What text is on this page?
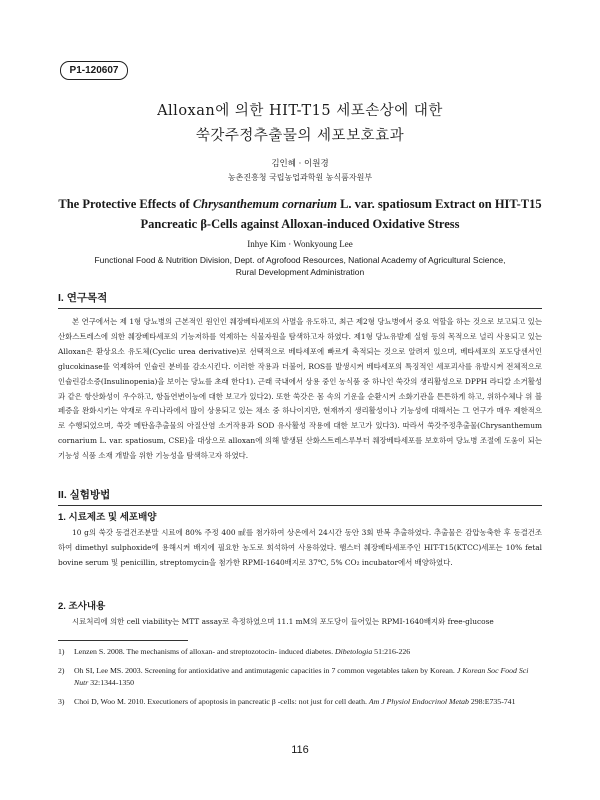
P1-120607
Alloxan에 의한 HIT-T15 세포손상에 대한
쑥갓주정추출물의 세포보호효과
김인혜 · 이원경
농촌진흥청 국립농업과학원 농식품자원부
The Protective Effects of Chrysanthemum cornarium L. var. spatiosum Extract on HIT-T15
Pancreatic β-Cells against Alloxan-induced Oxidative Stress
Inhye Kim · Wonkyoung Lee
Functional Food & Nutrition Division, Dept. of Agrofood Resources, National Academy of Agricultural Science,
Rural Development Administration
I. 연구목적

본 연구에서는 제 1형 당뇨병의 근본적인 원인인 췌장베타세포의 사멸을 유도하고, 최근 제2형 당뇨병에서 중요 역할을 하는 것으로 보고되고 있는 산화스트레스에 의한 췌장베타세포의 기능저하를 억제하는 식물자원을 탐색하고자 하였다. 제1형 당뇨유발제 실험 등의 목적으로 널리 사용되고 있는 Alloxan은 환상요소 유도체(Cyclic urea derivative)로 선택적으로 베타세포에 빠르게 축적되는 것으로 알려져 있으며, 베타세포의 포도당센서인 glucokinase를 억제하여 인슐린 분비를 감소시킨다. 이러한 작용과 더불어, ROS를 발생시켜 베타세포의 특징적인 세포괴사를 유발시켜 전체적으로 인슐린감소증(Insulinopenia)을 보이는 당뇨를 초래 한다1). 근래 국내에서 상용 중인 농식품 중 하나인 쑥갓의 생리활성으로 DPPH 라디칼 소거활성과 같은 항산화성이 우수하고, 항돌연변이능에 대한 보고가 있다2). 또한 쑥갓은 몸 속의 기운을 순환시켜 소화기관을 튼튼하게 하고, 위하수체나 위 블페증을 완화시키는 약재로 우리나라에서 많이 상용되고 있는 채소 중 하나이지만, 현재까지 생리활성이나 기능성에 대해서는 그 연구가 매우 제한적으로 수행되었으며, 쑥갓 메탄올추출물의 아질산염 소거작용과 SOD 유사활성 작용에 대한 보고가 있다3). 따라서 쑥갓주정추출물(Chrysanthemum cornarium L. var. spatiosum, CSE)을 대상으로 alloxan에 의해 발생된 산화스트레스루부터 췌장베타세포를 보호하여 당뇨병 조절에 도움이 되는 기능성 식품 소재 개발을 위한 기능성을 탐색하고자 하였다.

II. 실험방법
1. 시료제조 및 세포배양

10 g의 쑥갓 동결건조분말 시료에 80% 주정 400 ㎖를 첨가하여 상온에서 24시간 동안 3회 반복 추출하였다. 추출물은 감압농축한 후 동결건조하여 dimethyl sulphoxide에 용해시켜 배지에 필요한 농도로 희석하여 사용하였다. 햄스터 췌장베타세포주인 HIT-T15(KTCC)세포는 10% fetal bovine serum 및 penicillin, streptomycin을 첨가한 RPMI-1640배지로 37℃, 5% CO₂ incubator에서 배양하였다.

2. 조사내용

시료처리에 의한 cell viability는 MTT assay로 측정하였으며 11.1 mM의 포도당이 들어있는 RPMI-1640배지와 free-glucose

1) Lenzen S. 2008. The mechanisms of alloxan- and streptozotocin- induced diabetes. Dibetologia 51:216-226
2) Oh SI, Lee MS. 2003. Screening for antioxidative and antimutagenic capacities in 7 common vegetables taken by Korean. J Korean Soc Food Sci Nutr 32:1344-1350
3) Choi D, Woo M. 2010. Executioners of apoptosis in pancreatic β -cells: not just for cell death. Am J Physiol Endocrinol Metab 298:E735-741
116
